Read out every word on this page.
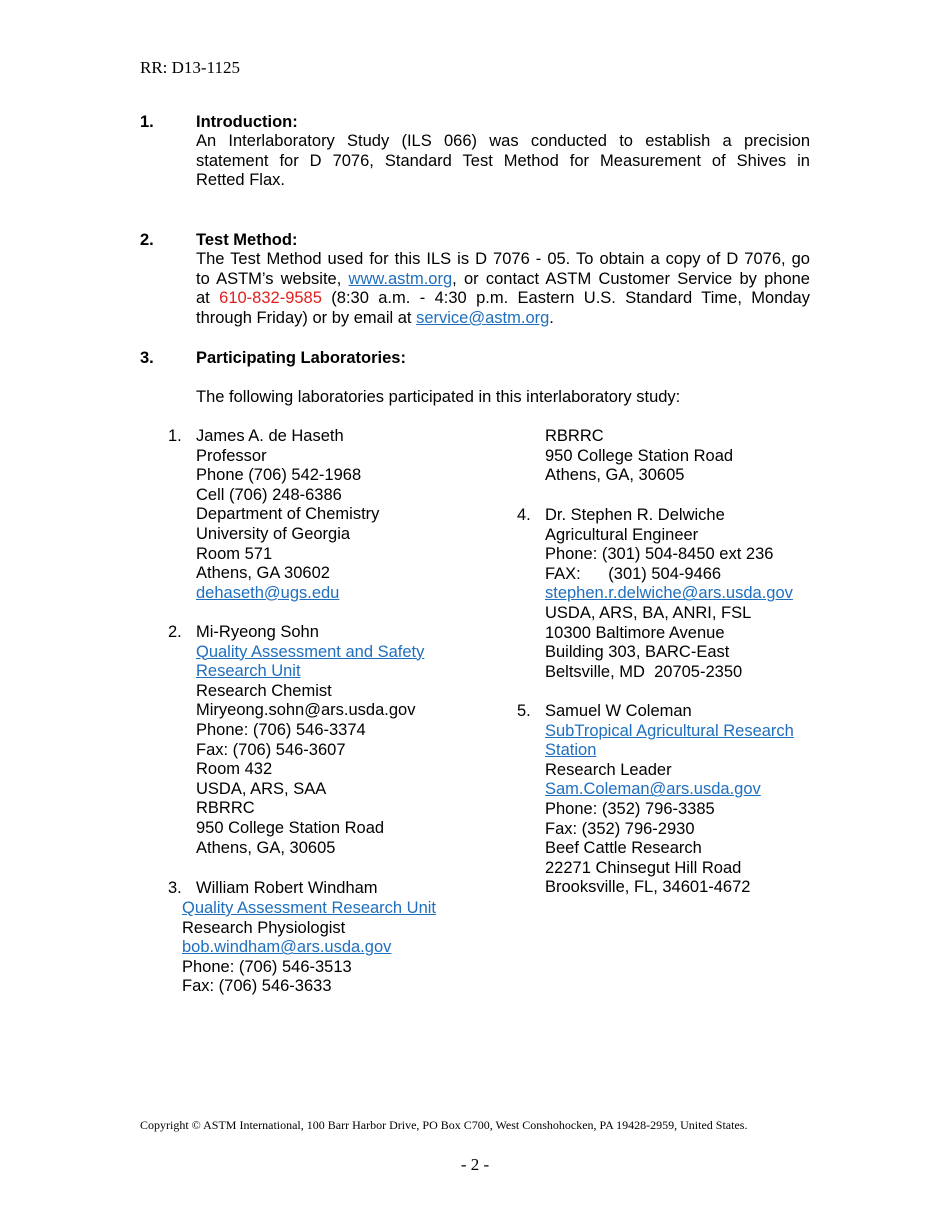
RR: D13-1125
1.	Introduction:
An Interlaboratory Study (ILS 066) was conducted to establish a precision
statement for D 7076, Standard Test Method for Measurement of Shives in
Retted Flax.
2.	Test Method:
The Test Method used for this ILS is D 7076 - 05. To obtain a copy of D 7076, go
to ASTM’s website, www.astm.org, or contact ASTM Customer Service by phone
at 610-832-9585 (8:30 a.m. - 4:30 p.m. Eastern U.S. Standard Time, Monday
through Friday) or by email at service@astm.org.
3.	Participating Laboratories:
The following laboratories participated in this interlaboratory study:
1. James A. de Haseth
Professor
Phone (706) 542-1968
Cell (706) 248-6386
Department of Chemistry
University of Georgia
Room 571
Athens, GA 30602
dehaseth@ugs.edu
2. Mi-Ryeong Sohn
Quality Assessment and Safety
Research Unit
Research Chemist
Miryeong.sohn@ars.usda.gov
Phone: (706) 546-3374
Fax: (706) 546-3607
Room 432
USDA, ARS, SAA
RBRRC
950 College Station Road
Athens, GA, 30605
3. William Robert Windham
Quality Assessment Research Unit
Research Physiologist
bob.windham@ars.usda.gov
Phone: (706) 546-3513
Fax: (706) 546-3633
RBRRC
950 College Station Road
Athens, GA, 30605
4. Dr. Stephen R. Delwiche
Agricultural Engineer
Phone: (301) 504-8450 ext 236
FAX:      (301) 504-9466
stephen.r.delwiche@ars.usda.gov
USDA, ARS, BA, ANRI, FSL
10300 Baltimore Avenue
Building 303, BARC-East
Beltsville, MD  20705-2350
5. Samuel W Coleman
SubTropical Agricultural Research
Station
Research Leader
Sam.Coleman@ars.usda.gov
Phone: (352) 796-3385
Fax: (352) 796-2930
Beef Cattle Research
22271 Chinsegut Hill Road
Brooksville, FL, 34601-4672
Copyright © ASTM International, 100 Barr Harbor Drive, PO Box C700, West Conshohocken, PA 19428-2959, United States.
- 2 -
